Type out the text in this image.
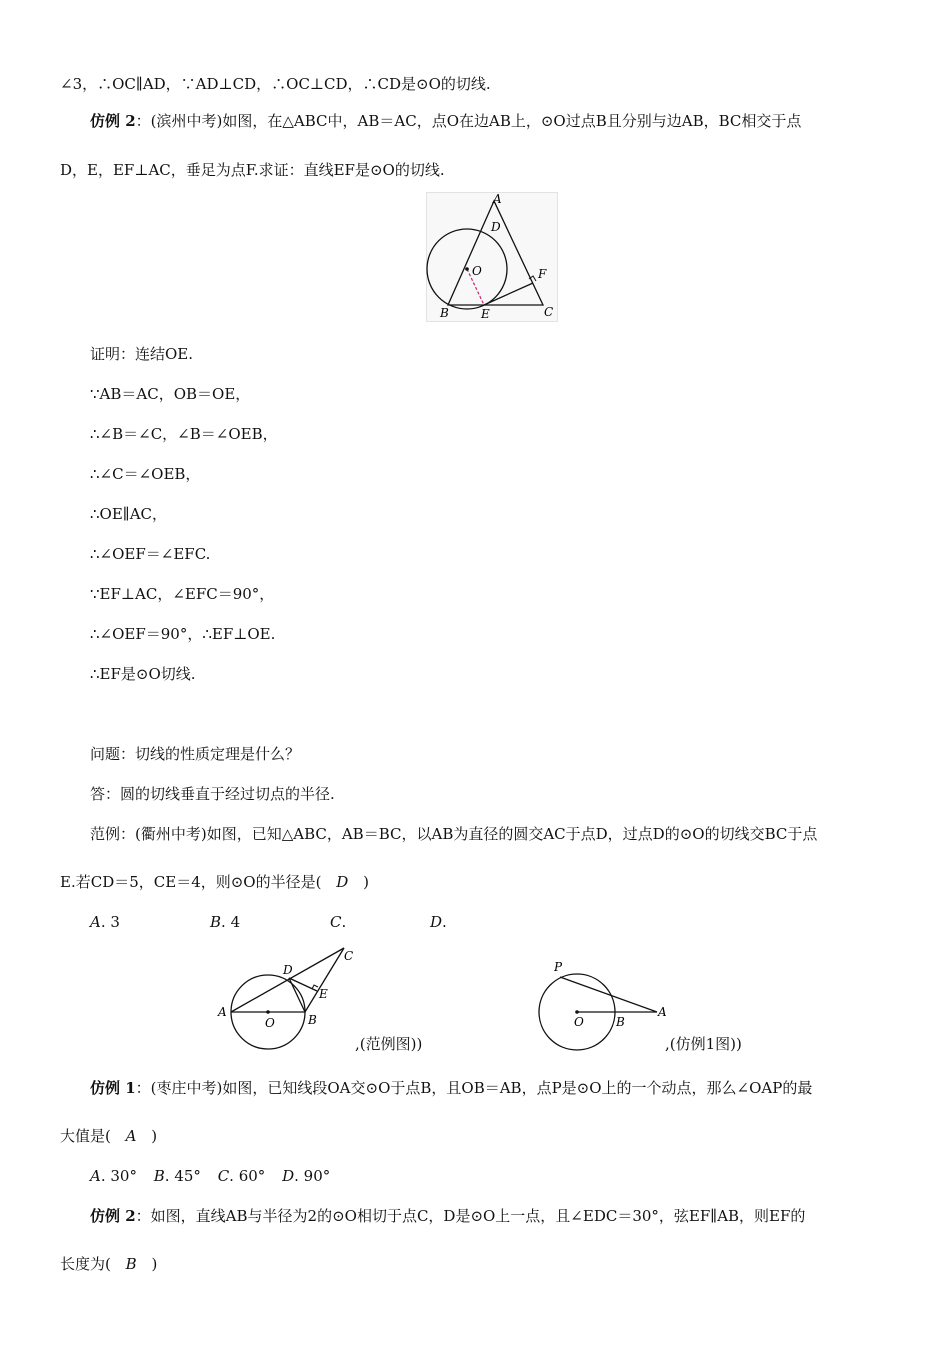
∠3，∴OC∥AD，∵AD⊥CD，∴OC⊥CD，∴CD是⊙O的切线.
仿例 2：(滨州中考)如图，在△ABC中，AB＝AC，点O在边AB上，⊙O过点B且分别与边AB，BC相交于点
D，E，EF⊥AC，垂足为点F.求证：直线EF是⊙O的切线.
A
D
O	F
B	E	C
证明：连结OE.
∵AB＝AC，OB＝OE，
∴∠B＝∠C，∠B＝∠OEB，
∴∠C＝∠OEB，
∴OE∥AC，
∴∠OEF＝∠EFC.
∵EF⊥AC，∠EFC＝90°，
∴∠OEF＝90°，∴EF⊥OE.
∴EF是⊙O切线.
问题：切线的性质定理是什么？
答：圆的切线垂直于经过切点的半径.
范例：(衢州中考)如图，已知△ABC，AB＝BC，以AB为直径的圆交AC于点D，过点D的⊙O的切线交BC于点
E.若CD＝5，CE＝4，则⊙O的半径是( D )
A. 3	B. 4	C.	D.
D
C
E
A
O	B
,(范例图))
P
O	B
A
,(仿例1图))
仿例 1：(枣庄中考)如图，已知线段OA交⊙O于点B，且OB＝AB，点P是⊙O上的一个动点，那么∠OAP的最
大值是( A )
A. 30° B. 45° C. 60° D. 90°
仿例 2：如图，直线AB与半径为2的⊙O相切于点C，D是⊙O上一点，且∠EDC＝30°，弦EF∥AB，则EF的
长度为( B )
